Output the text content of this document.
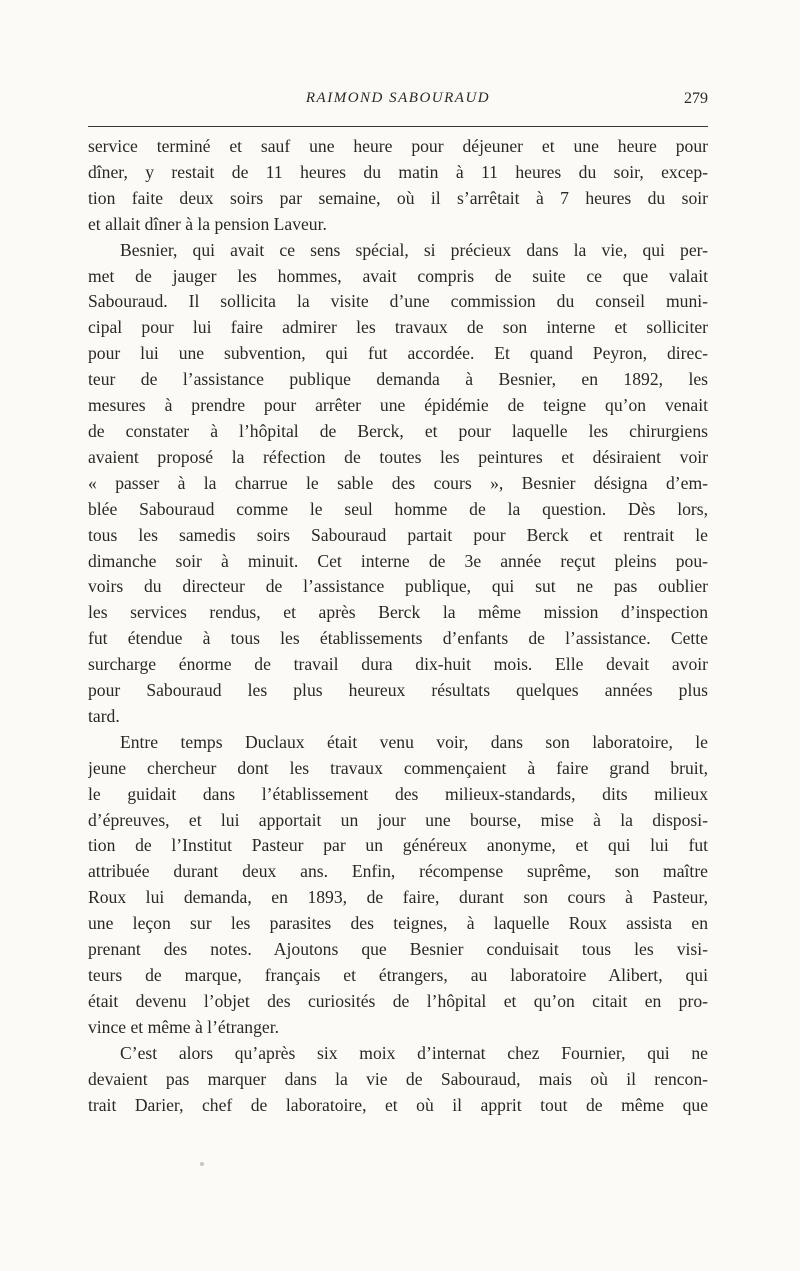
RAIMOND SABOURAUD	279

service terminé et sauf une heure pour déjeuner et une heure pour
dîner, y restait de 11 heures du matin à 11 heures du soir, excep-
tion faite deux soirs par semaine, où il s’arrêtait à 7 heures du soir
et allait dîner à la pension Laveur.

Besnier, qui avait ce sens spécial, si précieux dans la vie, qui per-
met de jauger les hommes, avait compris de suite ce que valait
Sabouraud. Il sollicita la visite d’une commission du conseil muni-
cipal pour lui faire admirer les travaux de son interne et solliciter
pour lui une subvention, qui fut accordée. Et quand Peyron, direc-
teur de l’assistance publique demanda à Besnier, en 1892, les
mesures à prendre pour arrêter une épidémie de teigne qu’on venait
de constater à l’hôpital de Berck, et pour laquelle les chirurgiens
avaient proposé la réfection de toutes les peintures et désiraient voir
« passer à la charrue le sable des cours », Besnier désigna d’em-
blée Sabouraud comme le seul homme de la question. Dès lors,
tous les samedis soirs Sabouraud partait pour Berck et rentrait le
dimanche soir à minuit. Cet interne de 3e année reçut pleins pou-
voirs du directeur de l’assistance publique, qui sut ne pas oublier
les services rendus, et après Berck la même mission d’inspection
fut étendue à tous les établissements d’enfants de l’assistance. Cette
surcharge énorme de travail dura dix-huit mois. Elle devait avoir
pour Sabouraud les plus heureux résultats quelques années plus
tard.

Entre temps Duclaux était venu voir, dans son laboratoire, le
jeune chercheur dont les travaux commençaient à faire grand bruit,
le guidait dans l’établissement des milieux-standards, dits milieux
d’épreuves, et lui apportait un jour une bourse, mise à la disposi-
tion de l’Institut Pasteur par un généreux anonyme, et qui lui fut
attribuée durant deux ans. Enfin, récompense suprême, son maître
Roux lui demanda, en 1893, de faire, durant son cours à Pasteur,
une leçon sur les parasites des teignes, à laquelle Roux assista en
prenant des notes. Ajoutons que Besnier conduisait tous les visi-
teurs de marque, français et étrangers, au laboratoire Alibert, qui
était devenu l’objet des curiosités de l’hôpital et qu’on citait en pro-
vince et même à l’étranger.

C’est alors qu’après six moix d’internat chez Fournier, qui ne
devaient pas marquer dans la vie de Sabouraud, mais où il rencon-
trait Darier, chef de laboratoire, et où il apprit tout de même que
